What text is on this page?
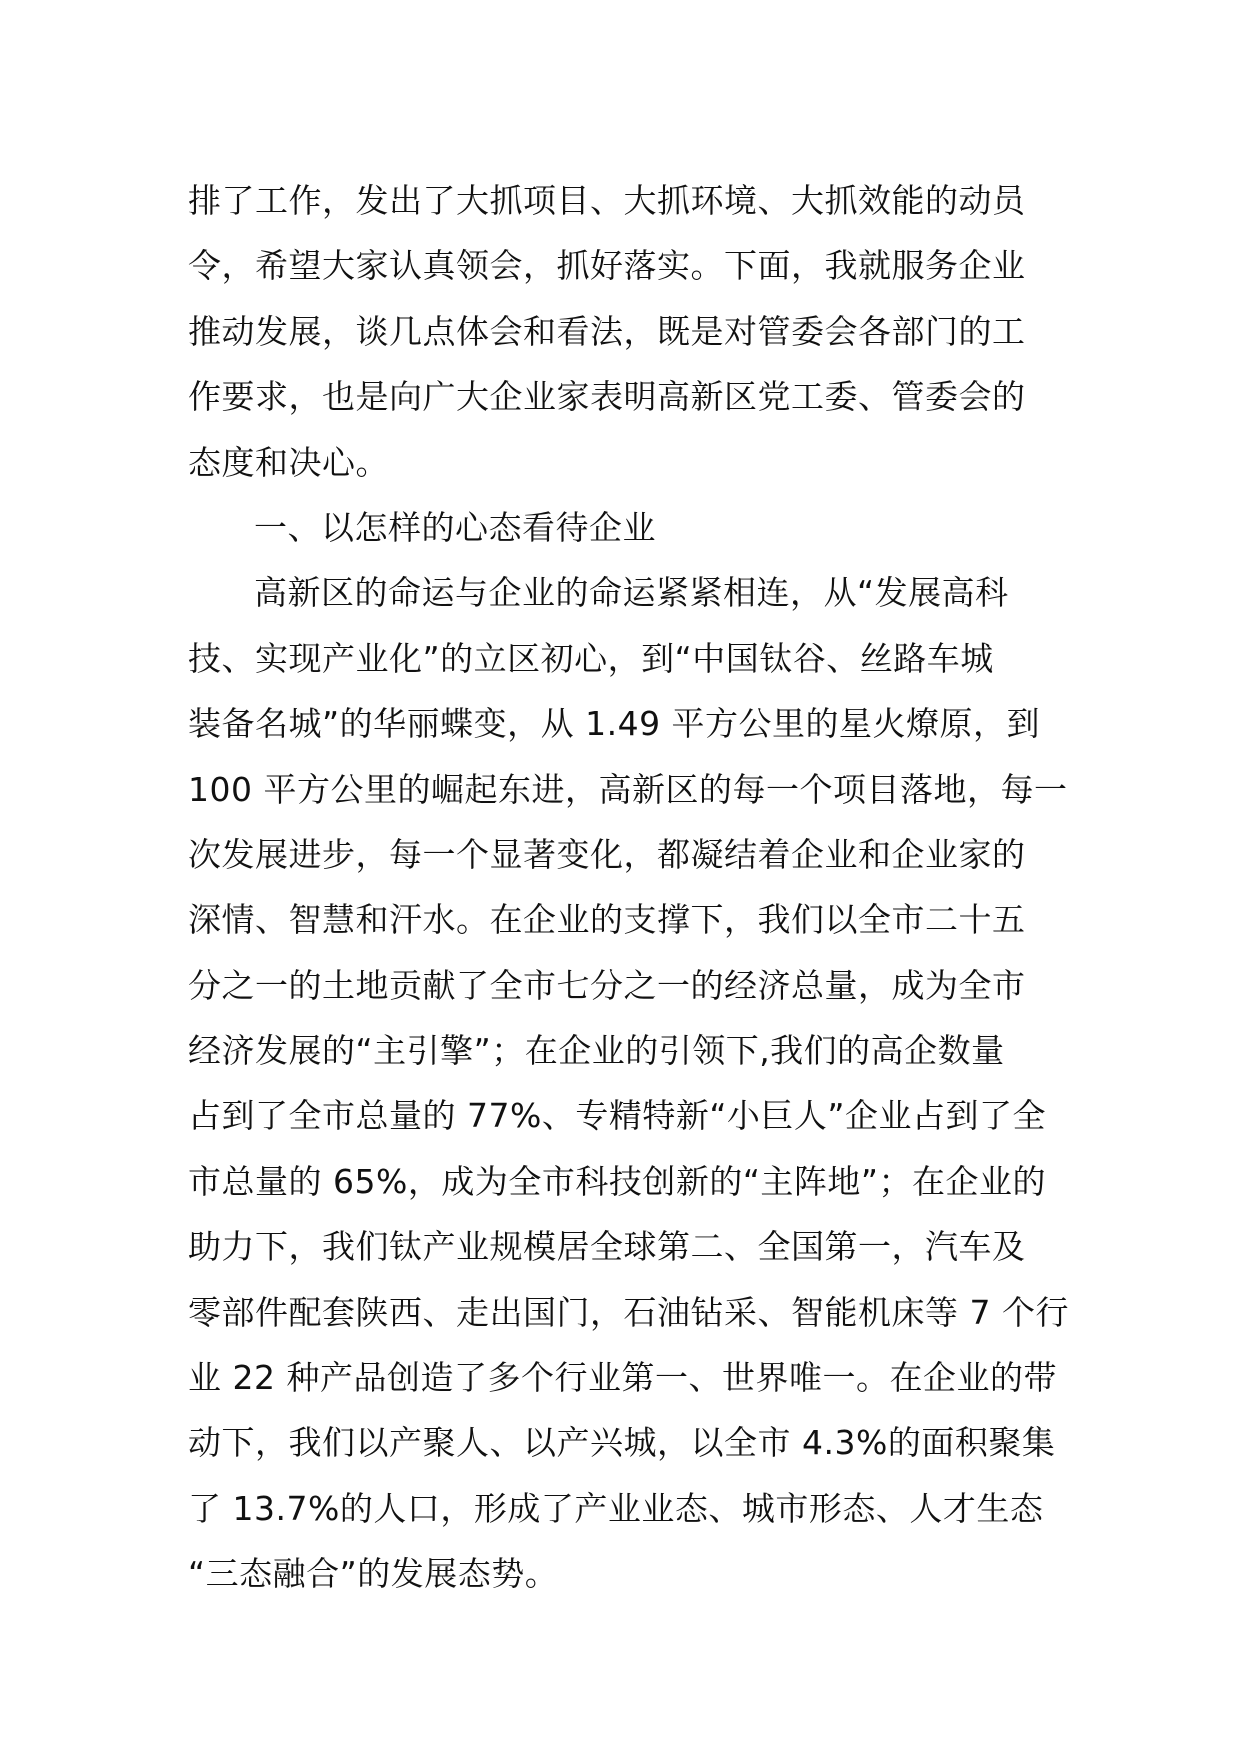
排了工作，发出了大抓项目、大抓环境、大抓效能的动员
令，希望大家认真领会，抓好落实。下面，我就服务企业
推动发展，谈几点体会和看法，既是对管委会各部门的工
作要求，也是向广大企业家表明高新区党工委、管委会的
态度和决心。
一、以怎样的心态看待企业
高新区的命运与企业的命运紧紧相连，从“发展高科
技、实现产业化”的立区初心，到“中国钛谷、丝路车城
装备名城”的华丽蝶变，从 1.49 平方公里的星火燎原，到
100 平方公里的崛起东进，高新区的每一个项目落地，每一
次发展进步，每一个显著变化，都凝结着企业和企业家的
深情、智慧和汗水。在企业的支撑下，我们以全市二十五
分之一的土地贡献了全市七分之一的经济总量，成为全市
经济发展的“主引擎”；在企业的引领下,我们的高企数量
占到了全市总量的 77%、专精特新“小巨人”企业占到了全
市总量的 65%，成为全市科技创新的“主阵地”；在企业的
助力下，我们钛产业规模居全球第二、全国第一，汽车及
零部件配套陕西、走出国门，石油钻采、智能机床等 7 个行
业 22 种产品创造了多个行业第一、世界唯一。在企业的带
动下，我们以产聚人、以产兴城，以全市 4.3%的面积聚集
了 13.7%的人口，形成了产业业态、城市形态、人才生态
“三态融合”的发展态势。
